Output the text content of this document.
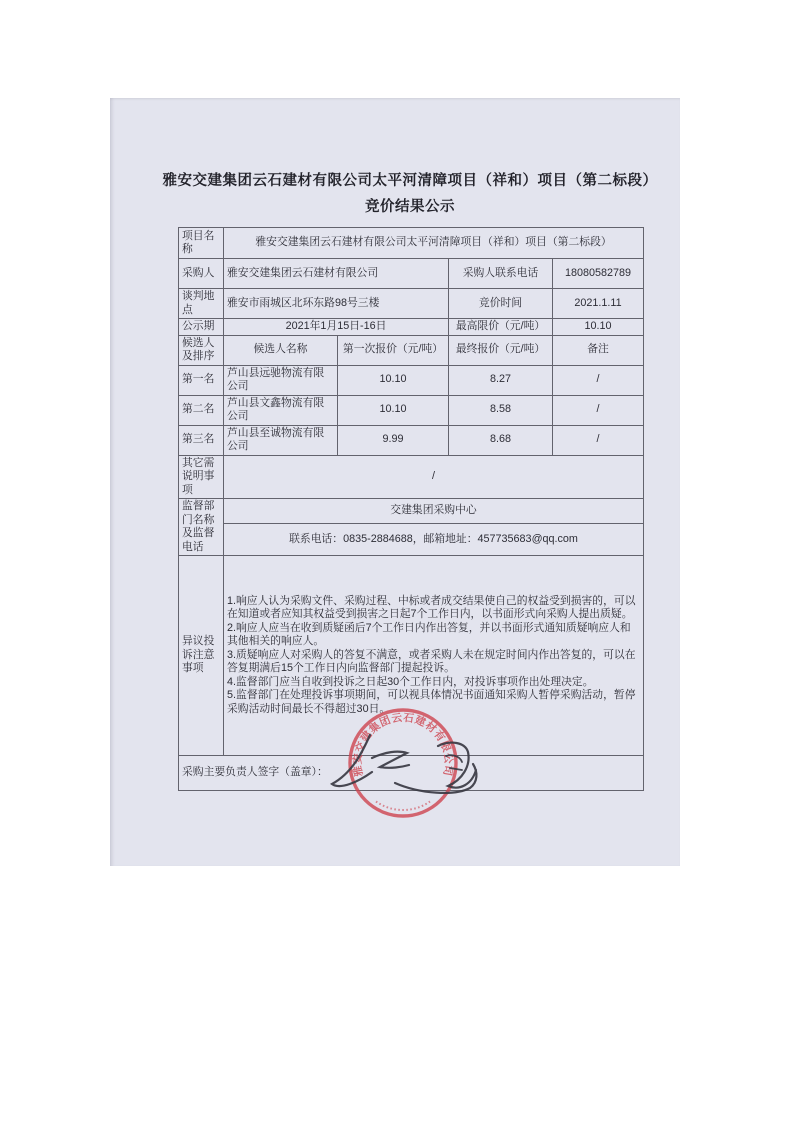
雅安交建集团云石建材有限公司太平河清障项目（祥和）项目（第二标段）
竞价结果公示
项目名称	雅安交建集团云石建材有限公司太平河清障项目（祥和）项目（第二标段）			
采购人	雅安交建集团云石建材有限公司		采购人联系电话	18080582789
谈判地点	雅安市雨城区北环东路98号三楼		竞价时间	2021.1.11
公示期	2021年1月15日-16日		最高限价（元/吨）	10.10
候选人及排序	候选人名称	第一次报价（元/吨）	最终报价（元/吨）	备注
第一名	芦山县远驰物流有限公司	10.10	8.27	/
第二名	芦山县文鑫物流有限公司	10.10	8.58	/
第三名	芦山县至诚物流有限公司	9.99	8.68	/
其它需说明事项	/			
监督部门名称及监督电话	交建集团采购中心			
	联系电话：0835-2884688，邮箱地址：457735683@qq.com			
异议投诉注意事项	1.响应人认为采购文件、采购过程、中标或者成交结果使自己的权益受到损害的，可以在知道或者应知其权益受到损害之日起7个工作日内，以书面形式向采购人提出质疑。
2.响应人应当在收到质疑函后7个工作日内作出答复，并以书面形式通知质疑响应人和其他相关的响应人。
3.质疑响应人对采购人的答复不满意，或者采购人未在规定时间内作出答复的，可以在答复期满后15个工作日内向监督部门提起投诉。
4.监督部门应当自收到投诉之日起30个工作日内，对投诉事项作出处理决定。
5.监督部门在处理投诉事项期间，可以视具体情况书面通知采购人暂停采购活动，暂停采购活动时间最长不得超过30日。			

采购主要负责人签字（盖章）：				雅安交建集团云石建材有限公司
